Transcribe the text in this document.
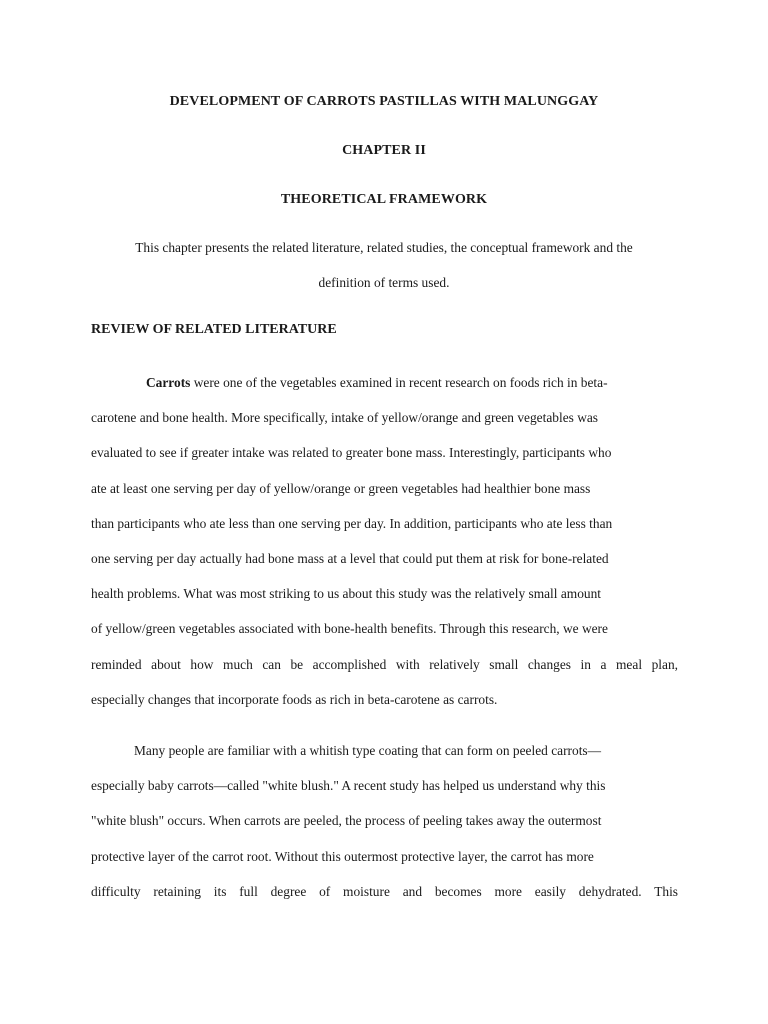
DEVELOPMENT OF CARROTS PASTILLAS WITH MALUNGGAY

CHAPTER II

THEORETICAL FRAMEWORK

This chapter presents the related literature, related studies, the conceptual framework and the

definition of terms used.

REVIEW OF RELATED LITERATURE

Carrots were one of the vegetables examined in recent research on foods rich in beta-
carotene and bone health. More specifically, intake of yellow/orange and green vegetables was
evaluated to see if greater intake was related to greater bone mass. Interestingly, participants who
ate at least one serving per day of yellow/orange or green vegetables had healthier bone mass
than participants who ate less than one serving per day. In addition, participants who ate less than
one serving per day actually had bone mass at a level that could put them at risk for bone-related
health problems. What was most striking to us about this study was the relatively small amount
of yellow/green vegetables associated with bone-health benefits. Through this research, we were
reminded about how much can be accomplished with relatively small changes in a meal plan,
especially changes that incorporate foods as rich in beta-carotene as carrots.
Many people are familiar with a whitish type coating that can form on peeled carrots—
especially baby carrots—called "white blush." A recent study has helped us understand why this
"white blush" occurs. When carrots are peeled, the process of peeling takes away the outermost
protective layer of the carrot root. Without this outermost protective layer, the carrot has more
difficulty retaining its full degree of moisture and becomes more easily dehydrated. This
